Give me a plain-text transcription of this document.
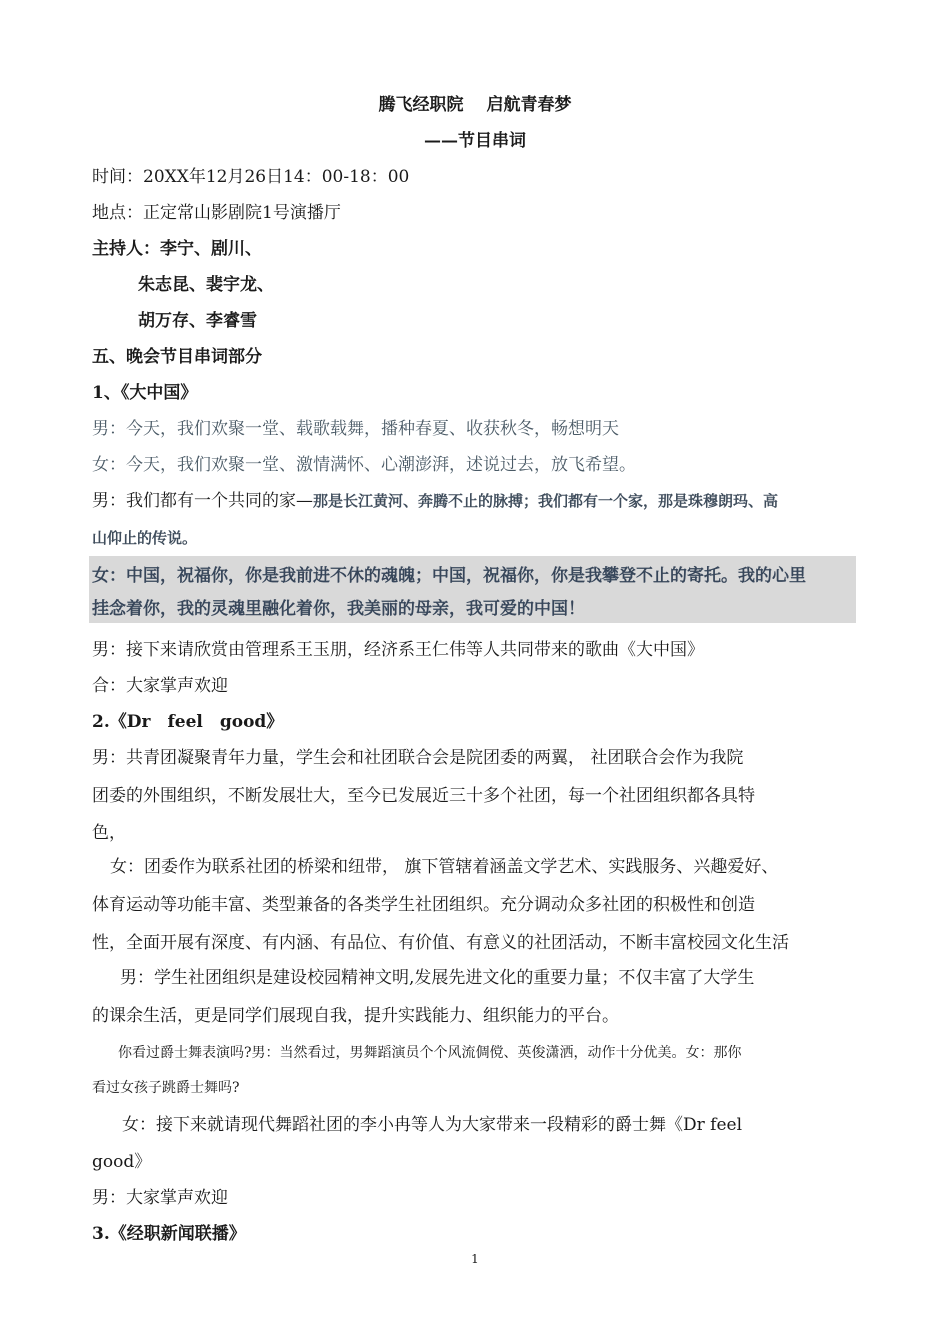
腾飞经职院　 启航青春梦
——节目串词
时间：20XX年12月26日14：00-18：00
地点：正定常山影剧院1号演播厅
主持人：李宁、剧川、
朱志昆、裴宇龙、
胡万存、李睿雪
五、晚会节目串词部分
1、《大中国》
男：今天，我们欢聚一堂、载歌载舞，播种春夏、收获秋冬，畅想明天
女：今天，我们欢聚一堂、激情满怀、心潮澎湃，述说过去，放飞希望。
男：我们都有一个共同的家—那是长江黄河、奔腾不止的脉搏；我们都有一个家，那是珠穆朗玛、高
山仰止的传说。
女：中国，祝福你，你是我前进不休的魂魄；中国，祝福你，你是我攀登不止的寄托。我的心里
挂念着你，我的灵魂里融化着你，我美丽的母亲，我可爱的中国！
男：接下来请欣赏由管理系王玉朋，经济系王仁伟等人共同带来的歌曲《大中国》
合：大家掌声欢迎
2.《Dr　feel　good》
男：共青团凝聚青年力量，学生会和社团联合会是院团委的两翼， 社团联合会作为我院
团委的外围组织，不断发展壮大，至今已发展近三十多个社团，每一个社团组织都各具特
色，
女：团委作为联系社团的桥梁和纽带， 旗下管辖着涵盖文学艺术、实践服务、兴趣爱好、
体育运动等功能丰富、类型兼备的各类学生社团组织。充分调动众多社团的积极性和创造
性，全面开展有深度、有内涵、有品位、有价值、有意义的社团活动，不断丰富校园文化生活
男：学生社团组织是建设校园精神文明,发展先进文化的重要力量；不仅丰富了大学生
的课余生活，更是同学们展现自我，提升实践能力、组织能力的平台。
你看过爵士舞表演吗?男：当然看过，男舞蹈演员个个风流倜傥、英俊潇洒，动作十分优美。女：那你
看过女孩子跳爵士舞吗?
女：接下来就请现代舞蹈社团的李小冉等人为大家带来一段精彩的爵士舞《Dr feel
good》
男：大家掌声欢迎
3.《经职新闻联播》
1
